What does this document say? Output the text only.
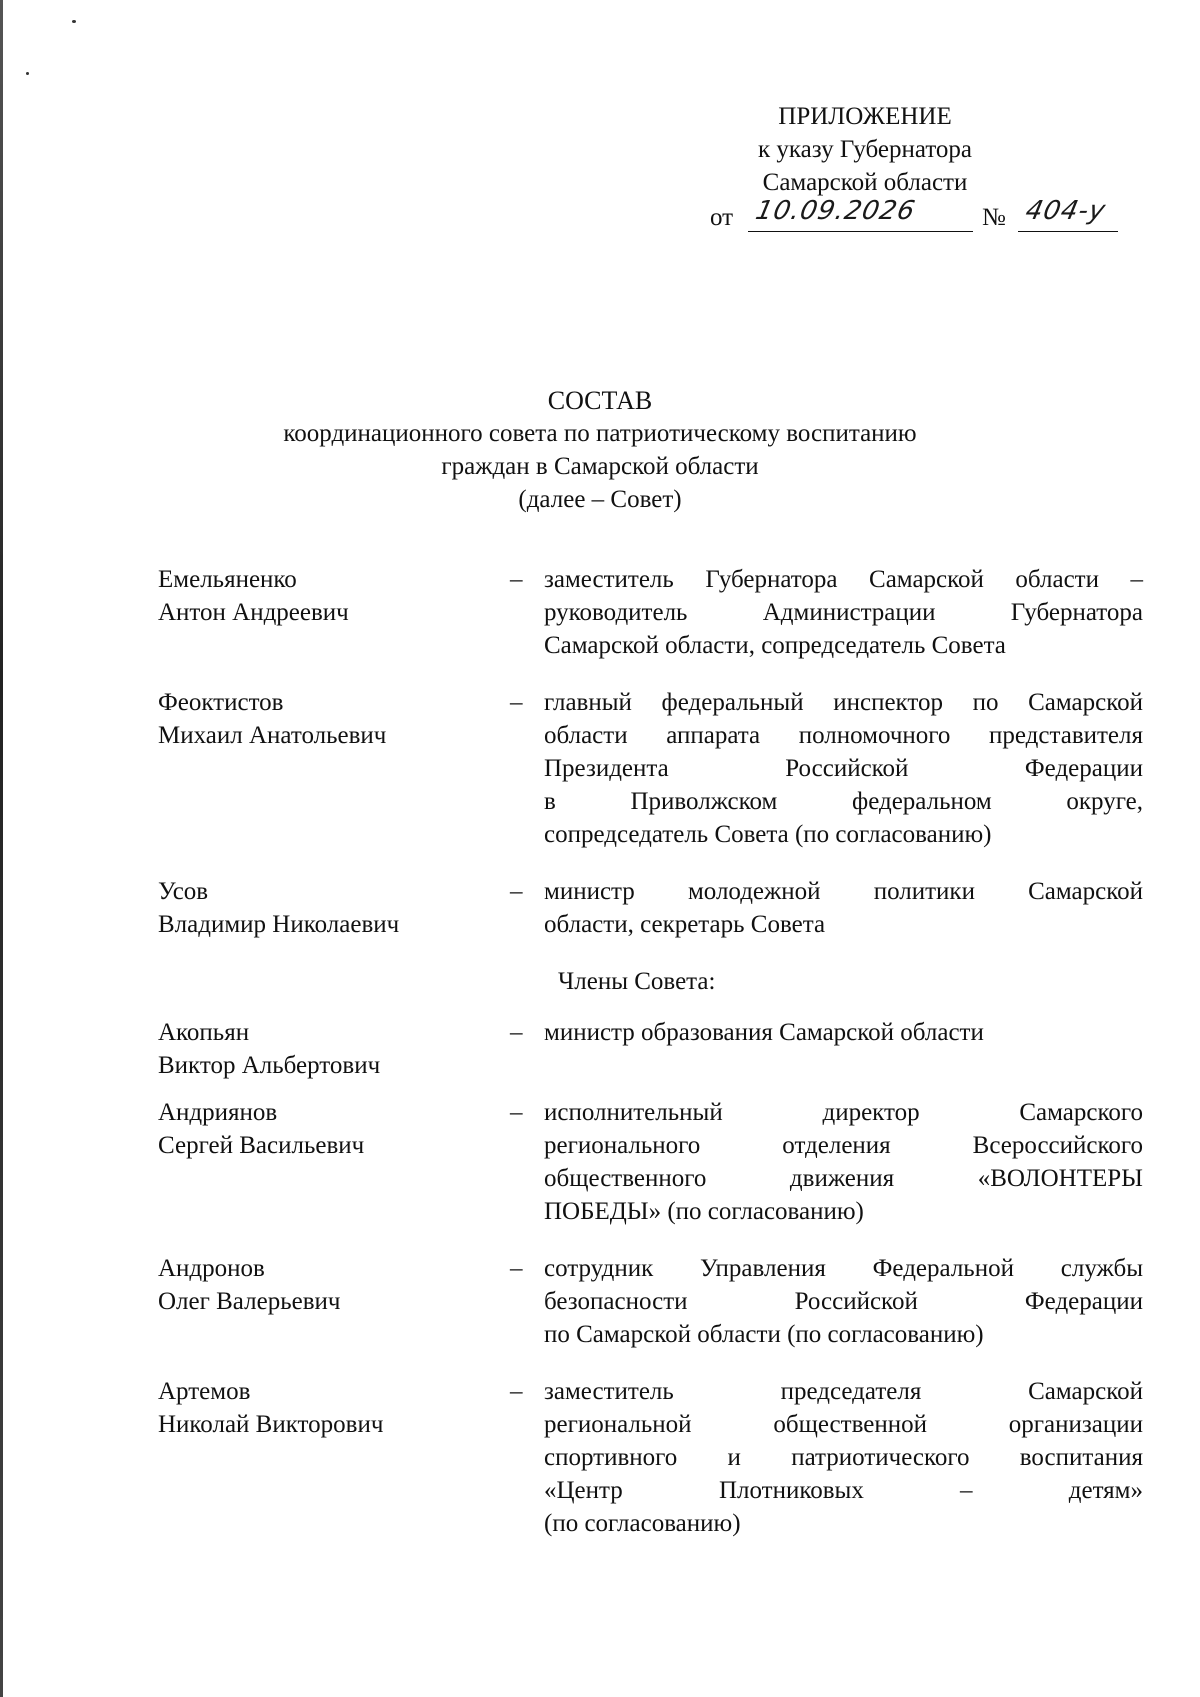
ПРИЛОЖЕНИЕ
к указу Губернатора
Самарской области
от 10.09.2026	№ 404-у
СОСТАВ
координационного совета по патриотическому воспитанию
граждан в Самарской области
(далее – Совет)
Емельяненко
Антон Андреевич
– заместитель Губернатора Самарской области –
руководитель Администрации Губернатора
Самарской области, сопредседатель Совета
Феоктистов
Михаил Анатольевич
– главный федеральный инспектор по Самарской
области аппарата полномочного представителя
Президента Российской Федерации
в Приволжском федеральном округе,
сопредседатель Совета (по согласованию)
Усов
Владимир Николаевич
– министр молодежной политики Самарской
области, секретарь Совета
Члены Совета:
Акопьян
Виктор Альбертович
– министр образования Самарской области
Андриянов
Сергей Васильевич
– исполнительный директор Самарского
регионального отделения Всероссийского
общественного движения «ВОЛОНТЕРЫ
ПОБЕДЫ» (по согласованию)
Андронов
Олег Валерьевич
– сотрудник Управления Федеральной службы
безопасности Российской Федерации
по Самарской области (по согласованию)
Артемов
Николай Викторович
– заместитель председателя Самарской
региональной общественной организации
спортивного и патриотического воспитания
«Центр Плотниковых – детям»
(по согласованию)
